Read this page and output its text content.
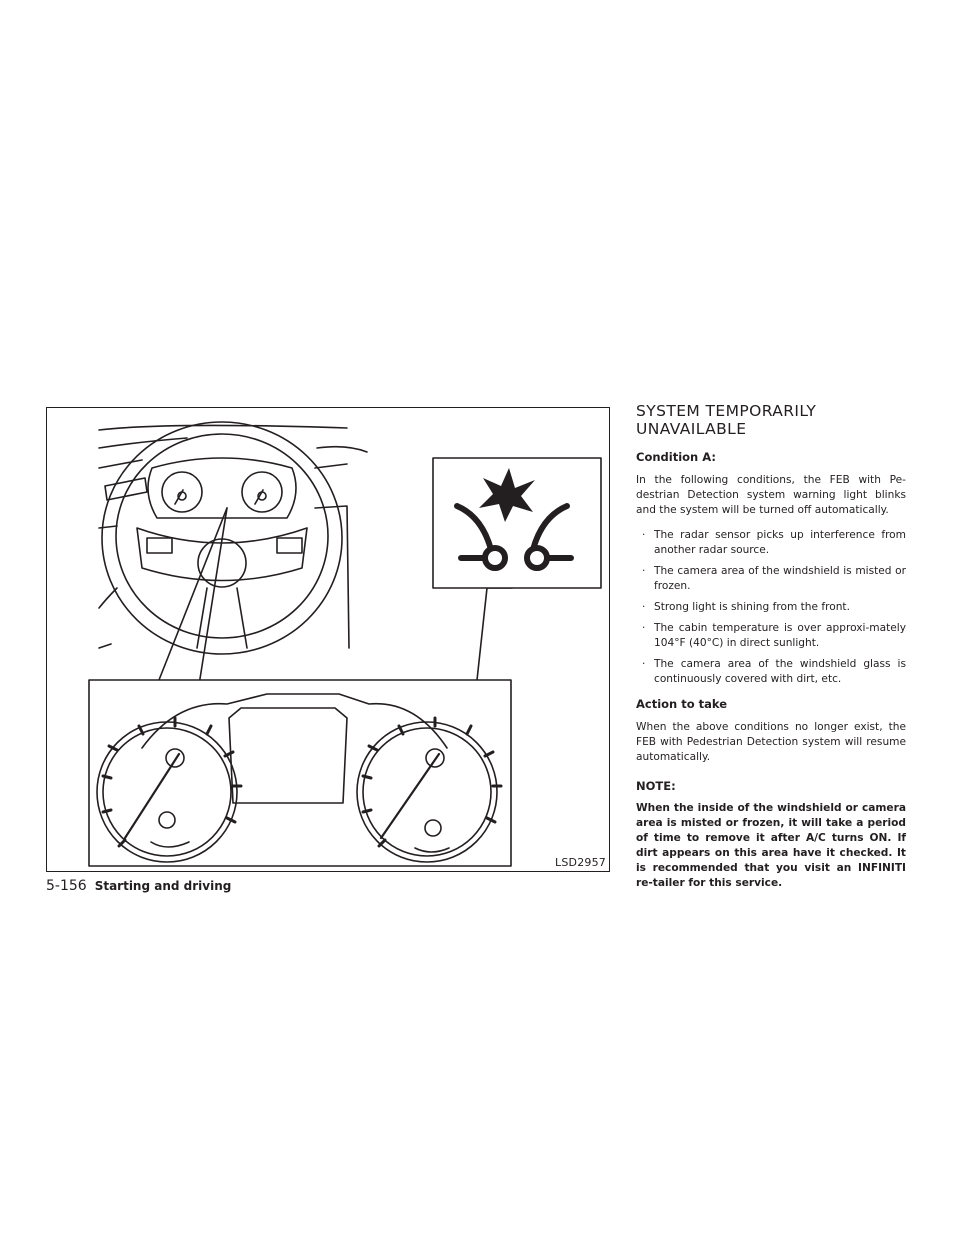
LSD2957
SYSTEM TEMPORARILY
UNAVAILABLE

Condition A:

In the following conditions, the FEB with Pe-destrian Detection system warning light blinks and the system will be turned off automatically.

· The radar sensor picks up interference from another radar source.
· The camera area of the windshield is misted or frozen.
· Strong light is shining from the front.
· The cabin temperature is over approxi-mately 104°F (40°C) in direct sunlight.
· The camera area of the windshield glass is continuously covered with dirt, etc.

Action to take

When the above conditions no longer exist, the FEB with Pedestrian Detection system will resume automatically.

NOTE:

When the inside of the windshield or camera area is misted or frozen, it will take a period of time to remove it after A/C turns ON. If dirt appears on this area have it checked. It is recommended that you visit an INFINITI re-tailer for this service.

5-156 Starting and driving
